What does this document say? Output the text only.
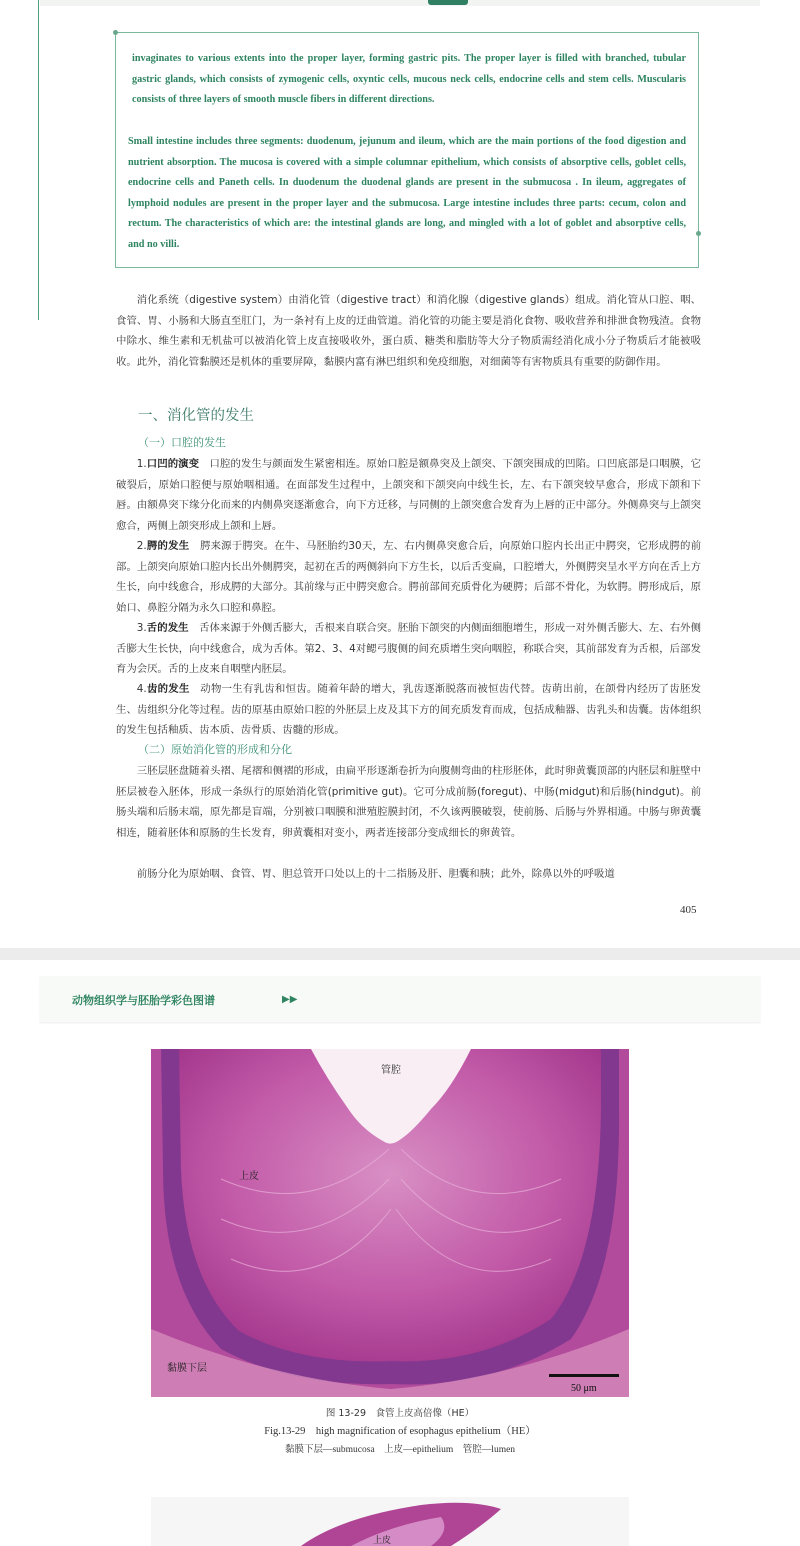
invaginates to various extents into the proper layer, forming gastric pits. The proper layer is filled with branched, tubular gastric glands, which consists of zymogenic cells, oxyntic cells, mucous neck cells, endocrine cells and stem cells. Muscularis consists of three layers of smooth muscle fibers in different directions.
Small intestine includes three segments: duodenum, jejunum and ileum, which are the main portions of the food digestion and nutrient absorption. The mucosa is covered with a simple columnar epithelium, which consists of absorptive cells, goblet cells, endocrine cells and Paneth cells. In duodenum the duodenal glands are present in the submucosa . In ileum, aggregates of lymphoid nodules are present in the proper layer and the submucosa. Large intestine includes three parts: cecum, colon and rectum. The characteristics of which are: the intestinal glands are long, and mingled with a lot of goblet and absorptive cells, and no villi.
消化系统（digestive system）由消化管（digestive tract）和消化腺（digestive glands）组成。消化管从口腔、咽、食管、胃、小肠和大肠直至肛门，为一条衬有上皮的迂曲管道。消化管的功能主要是消化食物、吸收营养和排泄食物残渣。食物中除水、维生素和无机盐可以被消化管上皮直接吸收外，蛋白质、糖类和脂肪等大分子物质需经消化成小分子物质后才能被吸收。此外，消化管黏膜还是机体的重要屏障，黏膜内富有淋巴组织和免疫细胞，对细菌等有害物质具有重要的防御作用。
一、消化管的发生
（一）口腔的发生
1.口凹的演变　 口腔的发生与颜面发生紧密相连。原始口腔是额鼻突及上颌突、下颌突围成的凹陷。口凹底部是口咽膜，它破裂后，原始口腔便与原始咽相通。在面部发生过程中，上颌突和下颌突向中线生长，左、右下颌突较早愈合，形成下颌和下唇。由额鼻突下缘分化而来的内侧鼻突逐渐愈合，向下方迁移，与同侧的上颌突愈合发育为上唇的正中部分。外侧鼻突与上颌突愈合，两侧上颌突形成上颌和上唇。
2.腭的发生　 腭来源于腭突。在牛、马胚胎约30天，左、右内侧鼻突愈合后，向原始口腔内长出正中腭突，它形成腭的前部。上颌突向原始口腔内长出外侧腭突，起初在舌的两侧斜向下方生长，以后舌变扁，口腔增大，外侧腭突呈水平方向在舌上方生长，向中线愈合，形成腭的大部分。其前缘与正中腭突愈合。腭前部间充质骨化为硬腭；后部不骨化，为软腭。腭形成后，原始口、鼻腔分隔为永久口腔和鼻腔。
3.舌的发生　 舌体来源于外侧舌膨大，舌根来自联合突。胚胎下颌突的内侧面细胞增生，形成一对外侧舌膨大、左、右外侧舌膨大生长快，向中线愈合，成为舌体。第2、3、4对鳃弓腹侧的间充质增生突向咽腔，称联合突，其前部发育为舌根，后部发育为会厌。舌的上皮来自咽壁内胚层。
4.齿的发生　 动物一生有乳齿和恒齿。随着年龄的增大，乳齿逐渐脱落而被恒齿代替。齿萌出前，在颌骨内经历了齿胚发生、齿组织分化等过程。齿的原基由原始口腔的外胚层上皮及其下方的间充质发育而成，包括成釉器、齿乳头和齿囊。齿体组织的发生包括釉质、齿本质、齿骨质、齿髓的形成。
（二）原始消化管的形成和分化
三胚层胚盘随着头褶、尾褶和侧褶的形成，由扁平形逐渐卷折为向腹侧弯曲的柱形胚体，此时卵黄囊顶部的内胚层和脏壁中胚层被卷入胚体，形成一条纵行的原始消化管(primitive gut)。它可分成前肠(foregut)、中肠(midgut)和后肠(hindgut)。前肠头端和后肠末端，原先都是盲端，分别被口咽膜和泄殖腔膜封闭，不久该两膜破裂，使前肠、后肠与外界相通。中肠与卵黄囊相连，随着胚体和原肠的生长发育，卵黄囊相对变小，两者连接部分变成细长的卵黄管。
前肠分化为原始咽、食管、胃、胆总管开口处以上的十二指肠及肝、胆囊和胰；此外，除鼻以外的呼吸道
405
动物组织学与胚胎学彩色图谱	▶▶
管腔
上皮
黏膜下层
50 μm
图 13-29　食管上皮高倍像（HE）
Fig.13-29　high magnification of esophagus epithelium（HE）
黏膜下层—submucosa　上皮—epithelium　管腔—lumen
上皮
